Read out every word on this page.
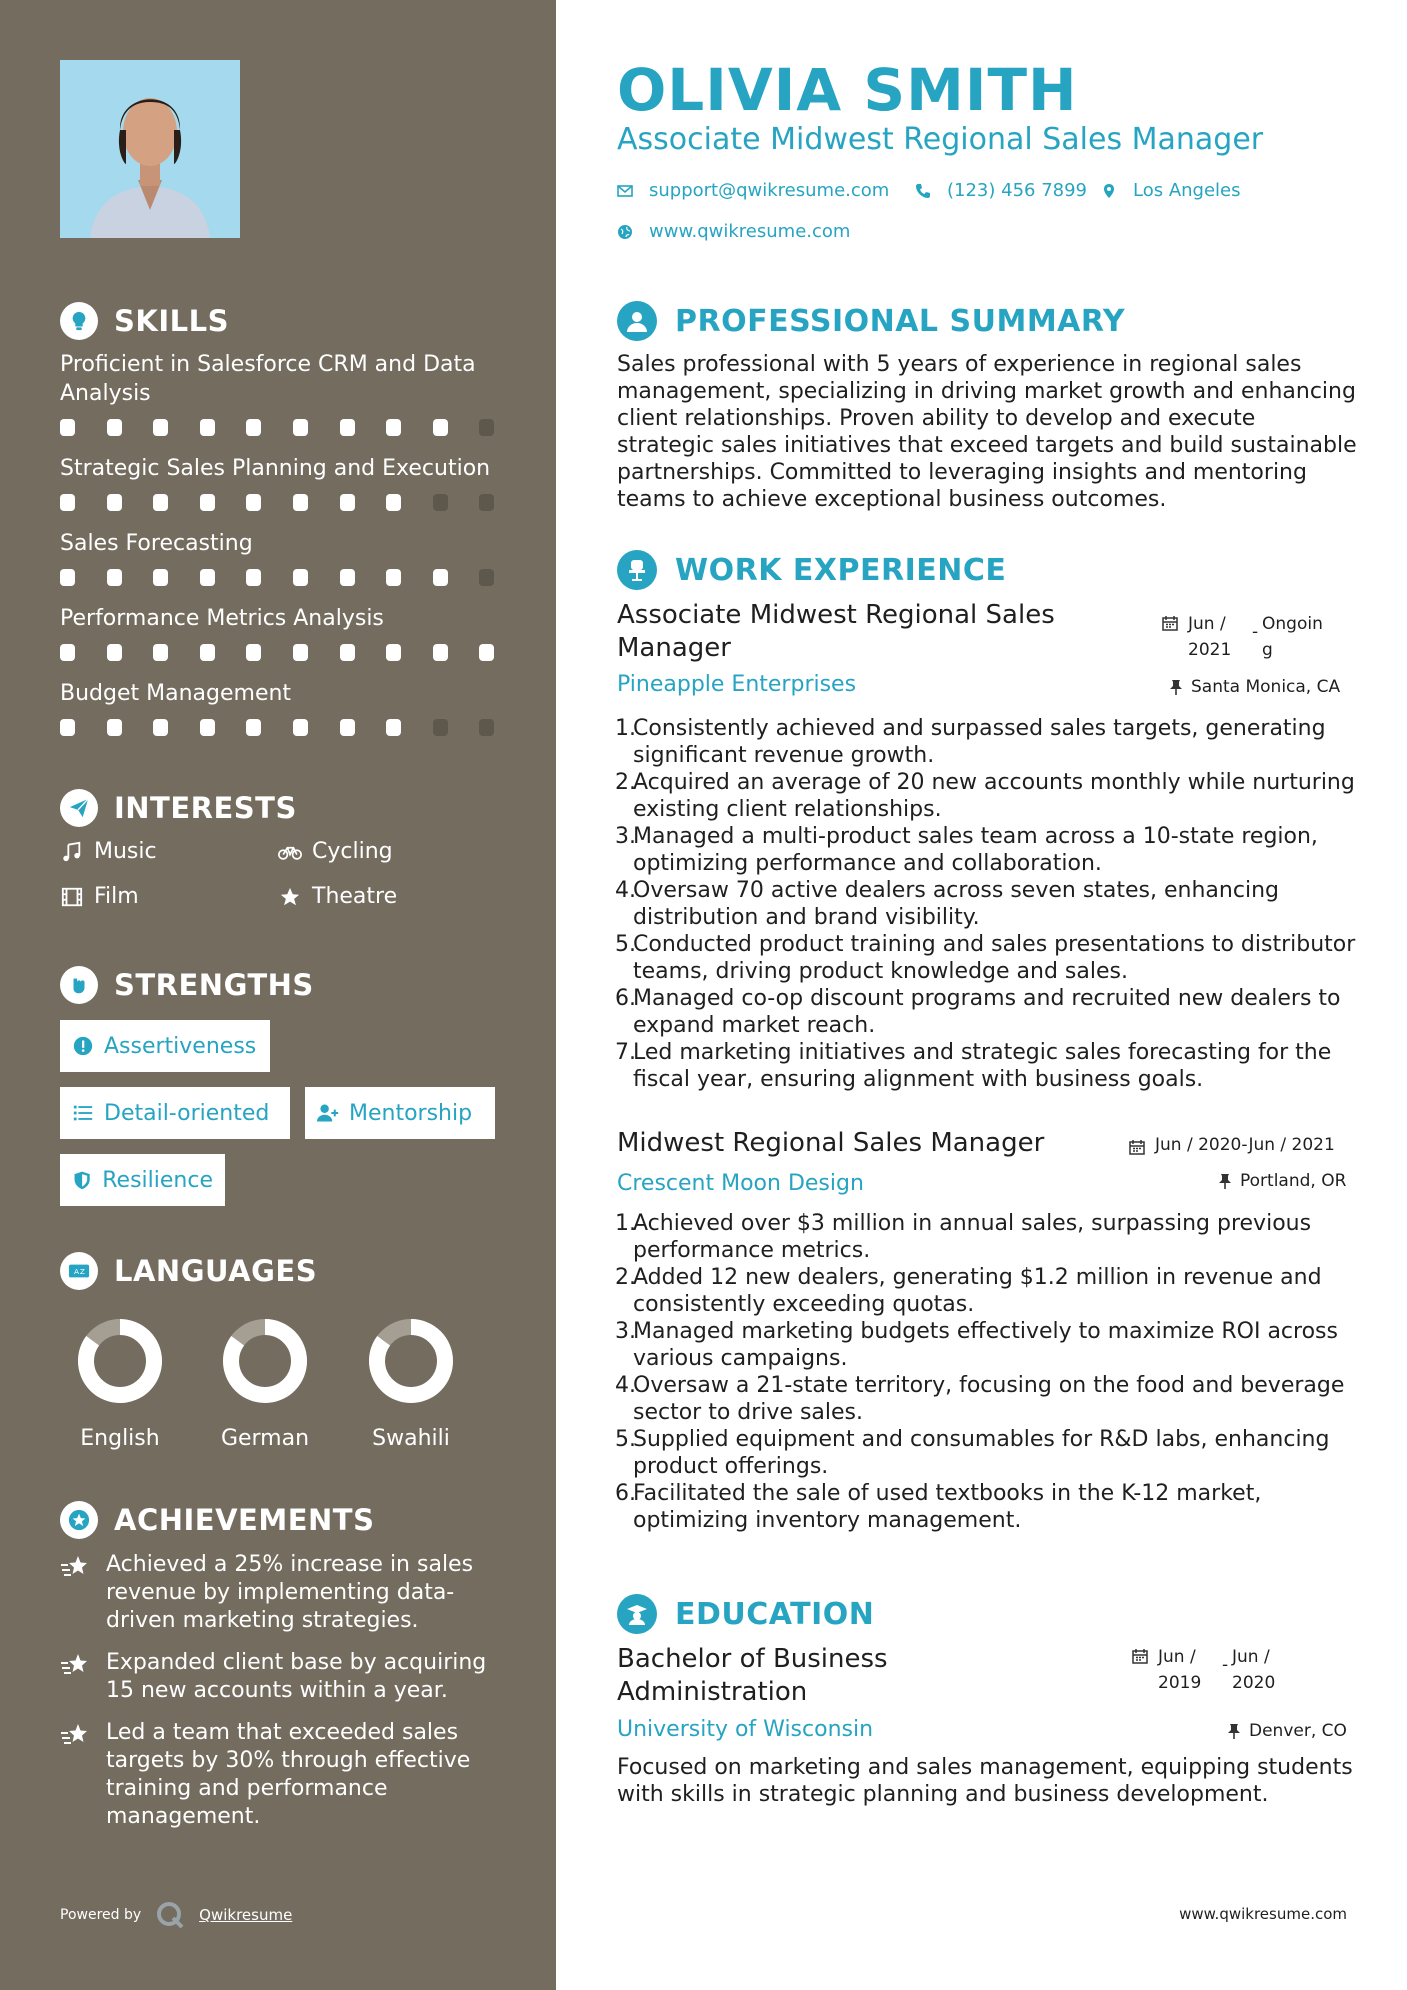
SKILLS
Proficient in Salesforce CRM and Data Analysis
Strategic Sales Planning and Execution
Sales Forecasting
Performance Metrics Analysis
Budget Management
INTERESTS
Music	Cycling
Film	Theatre
STRENGTHS
Assertiveness
Detail-oriented	Mentorship
Resilience
A Z LANGUAGES
English	German	Swahili
ACHIEVEMENTS
Achieved a 25% increase in sales revenue by implementing data-driven marketing strategies.
Expanded client base by acquiring 15 new accounts within a year.
Led a team that exceeded sales targets by 30% through effective training and performance management.
Powered by	Qwikresume
OLIVIA SMITH
Associate Midwest Regional Sales Manager
support@qwikresume.com	(123) 456 7899	Los Angeles
www.qwikresume.com
PROFESSIONAL SUMMARY
Sales professional with 5 years of experience in regional sales management, specializing in driving market growth and enhancing client relationships. Proven ability to develop and execute strategic sales initiatives that exceed targets and build sustainable partnerships. Committed to leveraging insights and mentoring teams to achieve exceptional business outcomes.
WORK EXPERIENCE
Associate Midwest Regional Sales Manager
Jun /
2021
- Ongoin
g
Pineapple Enterprises	Santa Monica, CA
1.
Consistently achieved and surpassed sales targets, generating significant revenue growth.
2.
Acquired an average of 20 new accounts monthly while nurturing existing client relationships.
3.
Managed a multi-product sales team across a 10-state region, optimizing performance and collaboration.
4.
Oversaw 70 active dealers across seven states, enhancing distribution and brand visibility.
5.
Conducted product training and sales presentations to distributor teams, driving product knowledge and sales.
6.
Managed co-op discount programs and recruited new dealers to expand market reach.
7.
Led marketing initiatives and strategic sales forecasting for the fiscal year, ensuring alignment with business goals.
Midwest Regional Sales Manager	Jun / 2020-Jun / 2021
Crescent Moon Design	Portland, OR
1.
Achieved over $3 million in annual sales, surpassing previous performance metrics.
2.
Added 12 new dealers, generating $1.2 million in revenue and consistently exceeding quotas.
3.
Managed marketing budgets effectively to maximize ROI across various campaigns.
4.
Oversaw a 21-state territory, focusing on the food and beverage sector to drive sales.
5.
Supplied equipment and consumables for R&D labs, enhancing product offerings.
6.
Facilitated the sale of used textbooks in the K-12 market, optimizing inventory management.
EDUCATION
Bachelor of Business Administration
Jun /
2019
- Jun /
2020
University of Wisconsin	Denver, CO
Focused on marketing and sales management, equipping students with skills in strategic planning and business development.
www.qwikresume.com
